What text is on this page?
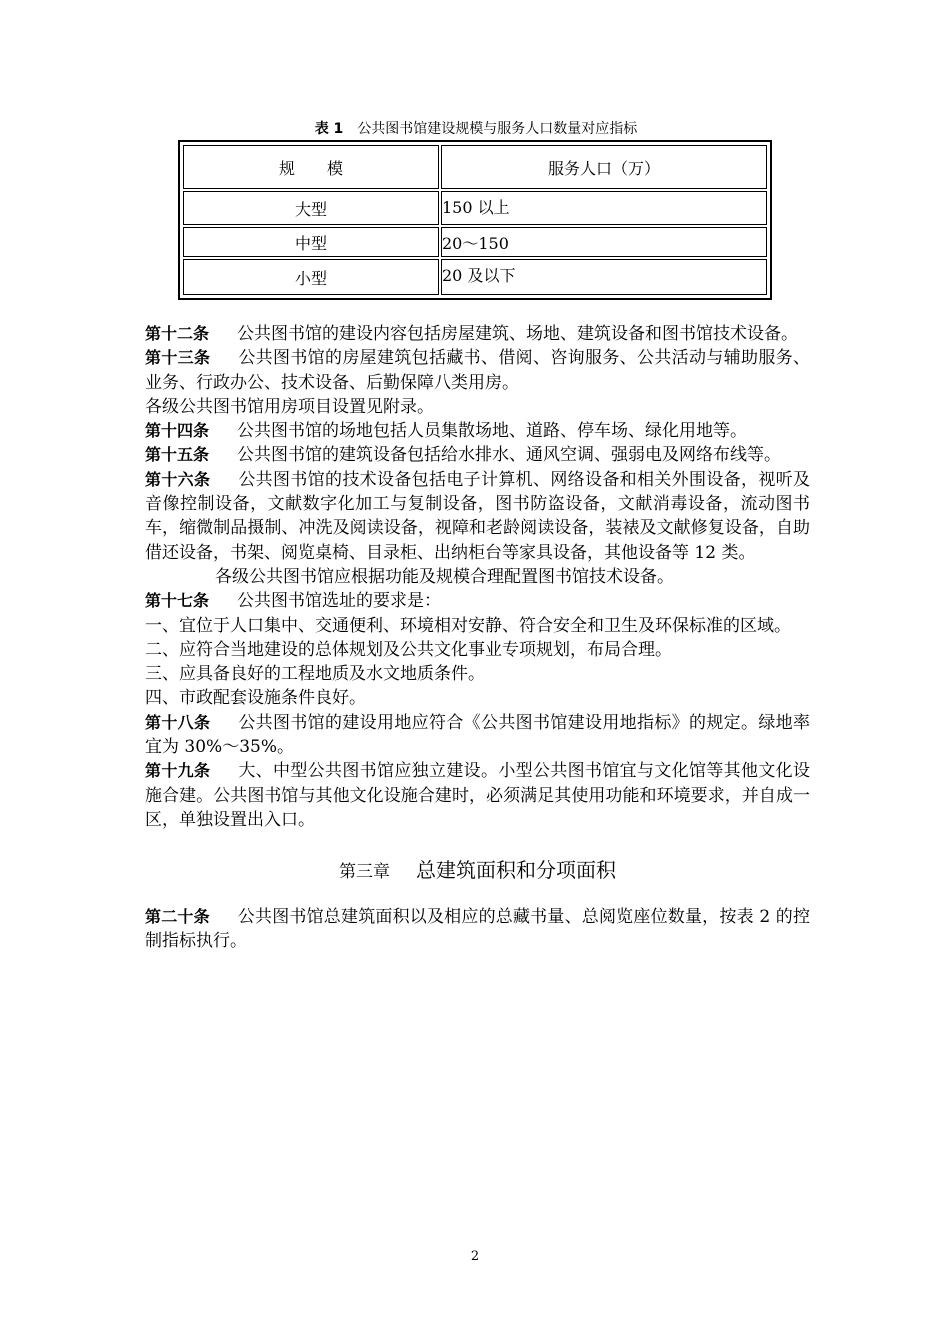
表 1 公共图书馆建设规模与服务人口数量对应指标
规　　模	服务人口（万）
大型	150 以上
中型	20～150
小型	20 及以下

第十二条 公共图书馆的建设内容包括房屋建筑、场地、建筑设备和图书馆技术设备。

第十三条 公共图书馆的房屋建筑包括藏书、借阅、咨询服务、公共活动与辅助服务、业务、行政办公、技术设备、后勤保障八类用房。

各级公共图书馆用房项目设置见附录。

第十四条 公共图书馆的场地包括人员集散场地、道路、停车场、绿化用地等。

第十五条 公共图书馆的建筑设备包括给水排水、通风空调、强弱电及网络布线等。

第十六条 公共图书馆的技术设备包括电子计算机、网络设备和相关外围设备，视听及音像控制设备，文献数字化加工与复制设备，图书防盗设备，文献消毒设备，流动图书车，缩微制品摄制、冲洗及阅读设备，视障和老龄阅读设备，装裱及文献修复设备，自助借还设备，书架、阅览桌椅、目录柜、出纳柜台等家具设备，其他设备等 12 类。

各级公共图书馆应根据功能及规模合理配置图书馆技术设备。

第十七条 公共图书馆选址的要求是：

一、宜位于人口集中、交通便利、环境相对安静、符合安全和卫生及环保标准的区域。

二、应符合当地建设的总体规划及公共文化事业专项规划，布局合理。

三、应具备良好的工程地质及水文地质条件。

四、市政配套设施条件良好。

第十八条 公共图书馆的建设用地应符合《公共图书馆建设用地指标》的规定。绿地率宜为 30%～35%。

第十九条 大、中型公共图书馆应独立建设。小型公共图书馆宜与文化馆等其他文化设施合建。公共图书馆与其他文化设施合建时，必须满足其使用功能和环境要求，并自成一区，单独设置出入口。

第三章 总建筑面积和分项面积

第二十条 公共图书馆总建筑面积以及相应的总藏书量、总阅览座位数量，按表 2 的控制指标执行。

2
